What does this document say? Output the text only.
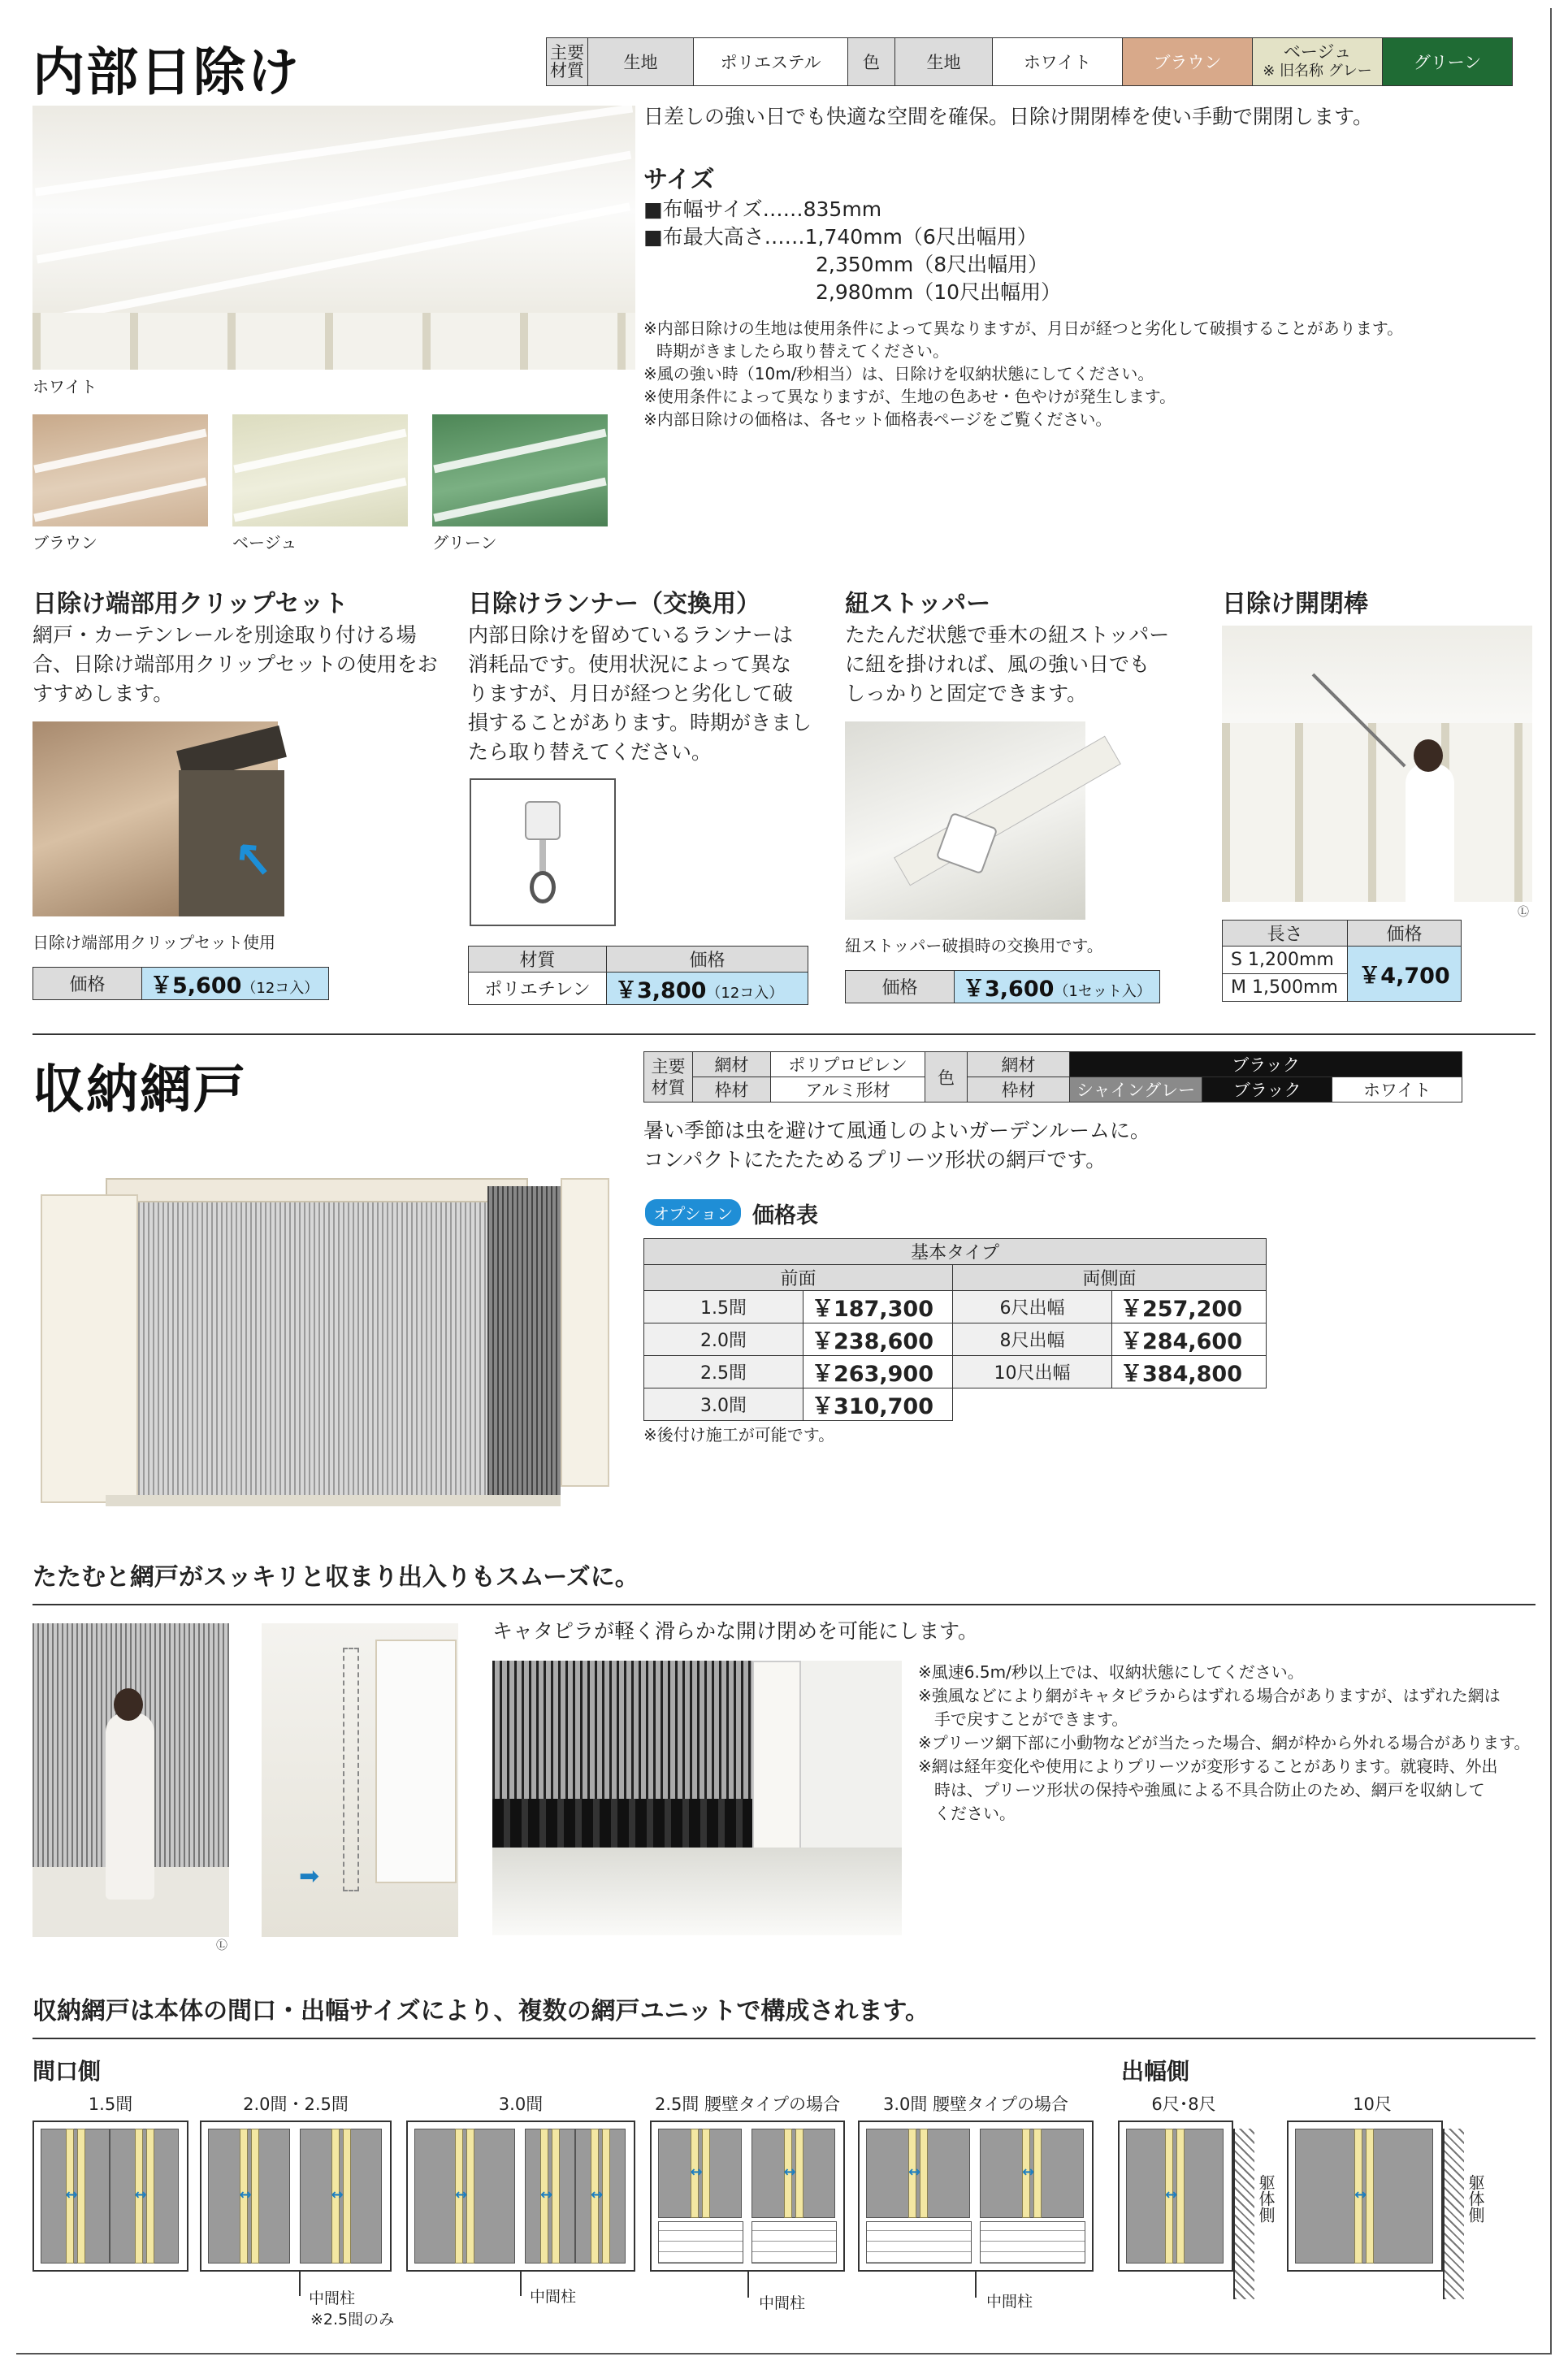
内部日除け	主要
材質	生地	ポリエステル	色	生地	ホワイト	ブラウン	ベージュ
※ 旧名称 グレー	グリーン
ホワイト
ブラウン	ベージュ	グリーン
日差しの強い日でも快適な空間を確保。日除け開閉棒を使い手動で開閉します。
サイズ
■布幅サイズ……835mm
■布最大高さ……1,740mm（6尺出幅用）
2,350mm（8尺出幅用）
2,980mm（10尺出幅用）
※内部日除けの生地は使用条件によって異なりますが、月日が経つと劣化して破損することがあります。
時期がきましたら取り替えてください。
※風の強い時（10m/秒相当）は、日除けを収納状態にしてください。
※使用条件によって異なりますが、生地の色あせ・色やけが発生します。
※内部日除けの価格は、各セット価格表ページをご覧ください。
日除け端部用クリップセット
網戸・カーテンレールを別途取り付ける場
合、日除け端部用クリップセットの使用をお
すすめします。
↑
日除け端部用クリップセット使用
価格	￥5,600（12コ入）
日除けランナー（交換用）
内部日除けを留めているランナーは
消耗品です。使用状況によって異な
りますが、月日が経つと劣化して破
損することがあります。時期がきまし
たら取り替えてください。
材質	価格
ポリエチレン	￥3,800（12コ入）
紐ストッパー
たたんだ状態で垂木の紐ストッパー
に紐を掛ければ、風の強い日でも
しっかりと固定できます。
紐ストッパー破損時の交換用です。
価格	￥3,600（1セット入）
日除け開閉棒
Ⓛ
長さ	価格
S 1,200mm	￥4,700
M 1,500mm	
収納網戸	主要
材質	網材	ポリプロピレン	色	網材	ブラック		
	枠材	アルミ形材		枠材	シャイングレー	ブラック	ホワイト
暑い季節は虫を避けて風通しのよいガーデンルームに。
コンパクトにたたためるプリーツ形状の網戸です。
オプション 価格表
基本タイプ			
前面		両側面	
1.5間	￥187,300	6尺出幅	￥257,200
2.0間	￥238,600	8尺出幅	￥284,600
2.5間	￥263,900	10尺出幅	￥384,800
3.0間	￥310,700		
※後付け施工が可能です。
たたむと網戸がスッキリと収まり出入りもスムーズに。
Ⓛ
➡
キャタピラが軽く滑らかな開け閉めを可能にします。
※風速6.5m/秒以上では、収納状態にしてください。
※強風などにより網がキャタピラからはずれる場合がありますが、はずれた網は
　手で戻すことができます。
※プリーツ網下部に小動物などが当たった場合、網が枠から外れる場合があります。
※網は経年変化や使用によりプリーツが変形することがあります。就寝時、外出
　時は、プリーツ形状の保持や強風による不具合防止のため、網戸を収納して
　ください。
収納網戸は本体の間口・出幅サイズにより、複数の網戸ユニットで構成されます。
間口側	出幅側
1.5間	2.0間・2.5間	3.0間	2.5間 腰壁タイプの場合	3.0間 腰壁タイプの場合	6尺･8尺	10尺
↔	↔	↔	↔	↔	↔	↔
↔	↔	↔	↔
↔	↔
中間柱
※2.5間のみ
中間柱	中間柱	中間柱
躯体側	躯体側
